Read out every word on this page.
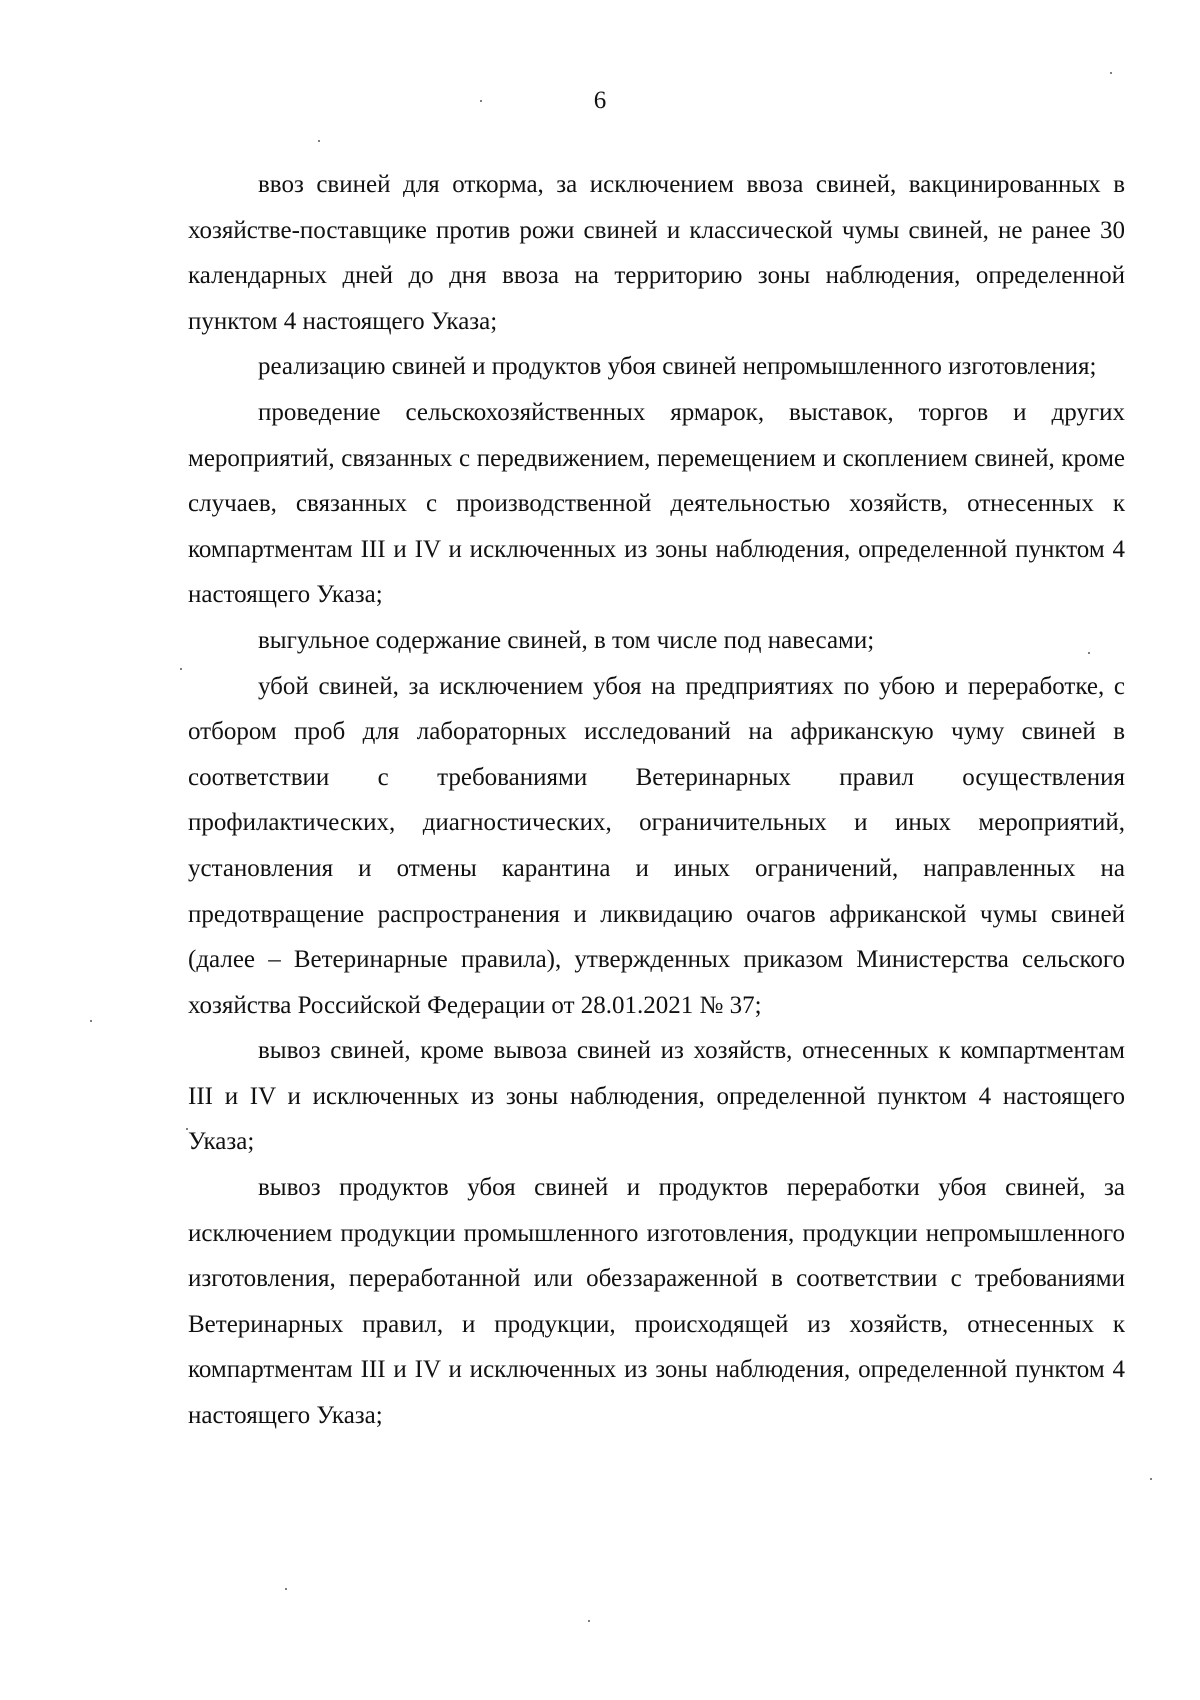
6

ввоз свиней для откорма, за исключением ввоза свиней, вакцинированных в хозяйстве-поставщике против рожи свиней и классической чумы свиней, не ранее 30 календарных дней до дня ввоза на территорию зоны наблюдения, определенной пунктом 4 настоящего Указа;

реализацию свиней и продуктов убоя свиней непромышленного изготовления;

проведение сельскохозяйственных ярмарок, выставок, торгов и других мероприятий, связанных с передвижением, перемещением и скоплением свиней, кроме случаев, связанных с производственной деятельностью хозяйств, отнесенных к компартментам III и IV и исключенных из зоны наблюдения, определенной пунктом 4 настоящего Указа;

выгульное содержание свиней, в том числе под навесами;

убой свиней, за исключением убоя на предприятиях по убою и переработке, с отбором проб для лабораторных исследований на африканскую чуму свиней в соответствии с требованиями Ветеринарных правил осуществления профилактических, диагностических, ограничительных и иных мероприятий, установления и отмены карантина и иных ограничений, направленных на предотвращение распространения и ликвидацию очагов африканской чумы свиней (далее – Ветеринарные правила), утвержденных приказом Министерства сельского хозяйства Российской Федерации от 28.01.2021 № 37;

вывоз свиней, кроме вывоза свиней из хозяйств, отнесенных к компартментам III и IV и исключенных из зоны наблюдения, определенной пунктом 4 настоящего Указа;

вывоз продуктов убоя свиней и продуктов переработки убоя свиней, за исключением продукции промышленного изготовления, продукции непромышленного изготовления, переработанной или обеззараженной в соответствии с требованиями Ветеринарных правил, и продукции, происходящей из хозяйств, отнесенных к компартментам III и IV и исключенных из зоны наблюдения, определенной пунктом 4 настоящего Указа;
